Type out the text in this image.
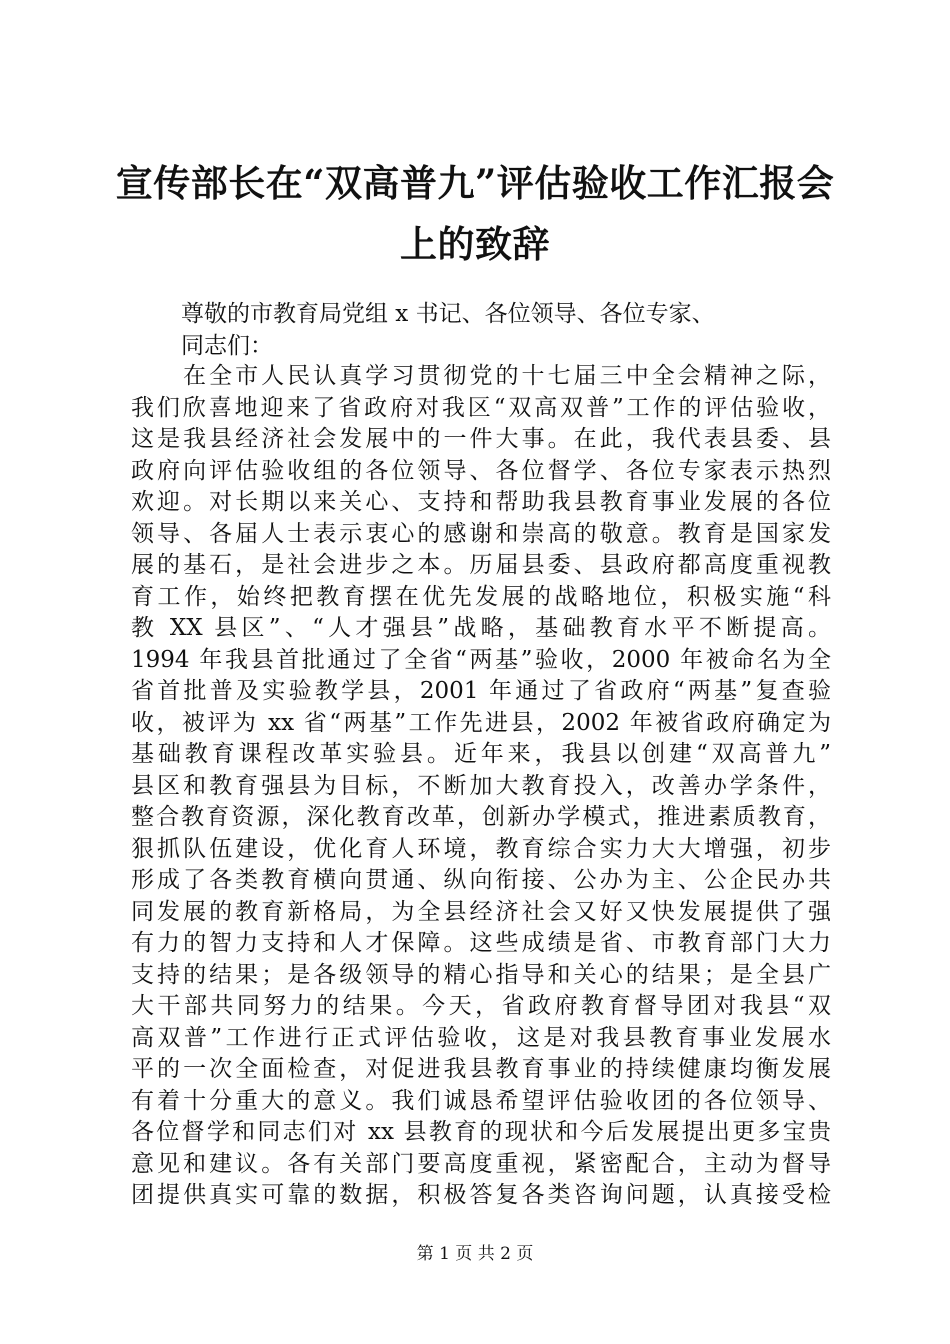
宣传部长在“双高普九”评估验收工作汇报会
上的致辞
尊敬的市教育局党组 x 书记、各位领导、各位专家、
同志们：
在全市人民认真学习贯彻党的十七届三中全会精神之际，
我们欣喜地迎来了省政府对我区“双高双普”工作的评估验收，
这是我县经济社会发展中的一件大事。在此，我代表县委、县
政府向评估验收组的各位领导、各位督学、各位专家表示热烈
欢迎。对长期以来关心、支持和帮助我县教育事业发展的各位
领导、各届人士表示衷心的感谢和崇高的敬意。教育是国家发
展的基石，是社会进步之本。历届县委、县政府都高度重视教
育工作，始终把教育摆在优先发展的战略地位，积极实施“科
教 XX 县区”、“人才强县”战略，基础教育水平不断提高。
1994 年我县首批通过了全省“两基”验收，2000 年被命名为全
省首批普及实验教学县，2001 年通过了省政府“两基”复查验
收，被评为 xx 省“两基”工作先进县，2002 年被省政府确定为
基础教育课程改革实验县。近年来，我县以创建“双高普九”
县区和教育强县为目标，不断加大教育投入，改善办学条件，
整合教育资源，深化教育改革，创新办学模式，推进素质教育，
狠抓队伍建设，优化育人环境，教育综合实力大大增强，初步
形成了各类教育横向贯通、纵向衔接、公办为主、公企民办共
同发展的教育新格局，为全县经济社会又好又快发展提供了强
有力的智力支持和人才保障。这些成绩是省、市教育部门大力
支持的结果；是各级领导的精心指导和关心的结果；是全县广
大干部共同努力的结果。今天，省政府教育督导团对我县“双
高双普”工作进行正式评估验收，这是对我县教育事业发展水
平的一次全面检查，对促进我县教育事业的持续健康均衡发展
有着十分重大的意义。我们诚恳希望评估验收团的各位领导、
各位督学和同志们对 xx 县教育的现状和今后发展提出更多宝贵
意见和建议。各有关部门要高度重视，紧密配合，主动为督导
团提供真实可靠的数据，积极答复各类咨询问题，认真接受检
第 1 页 共 2 页
